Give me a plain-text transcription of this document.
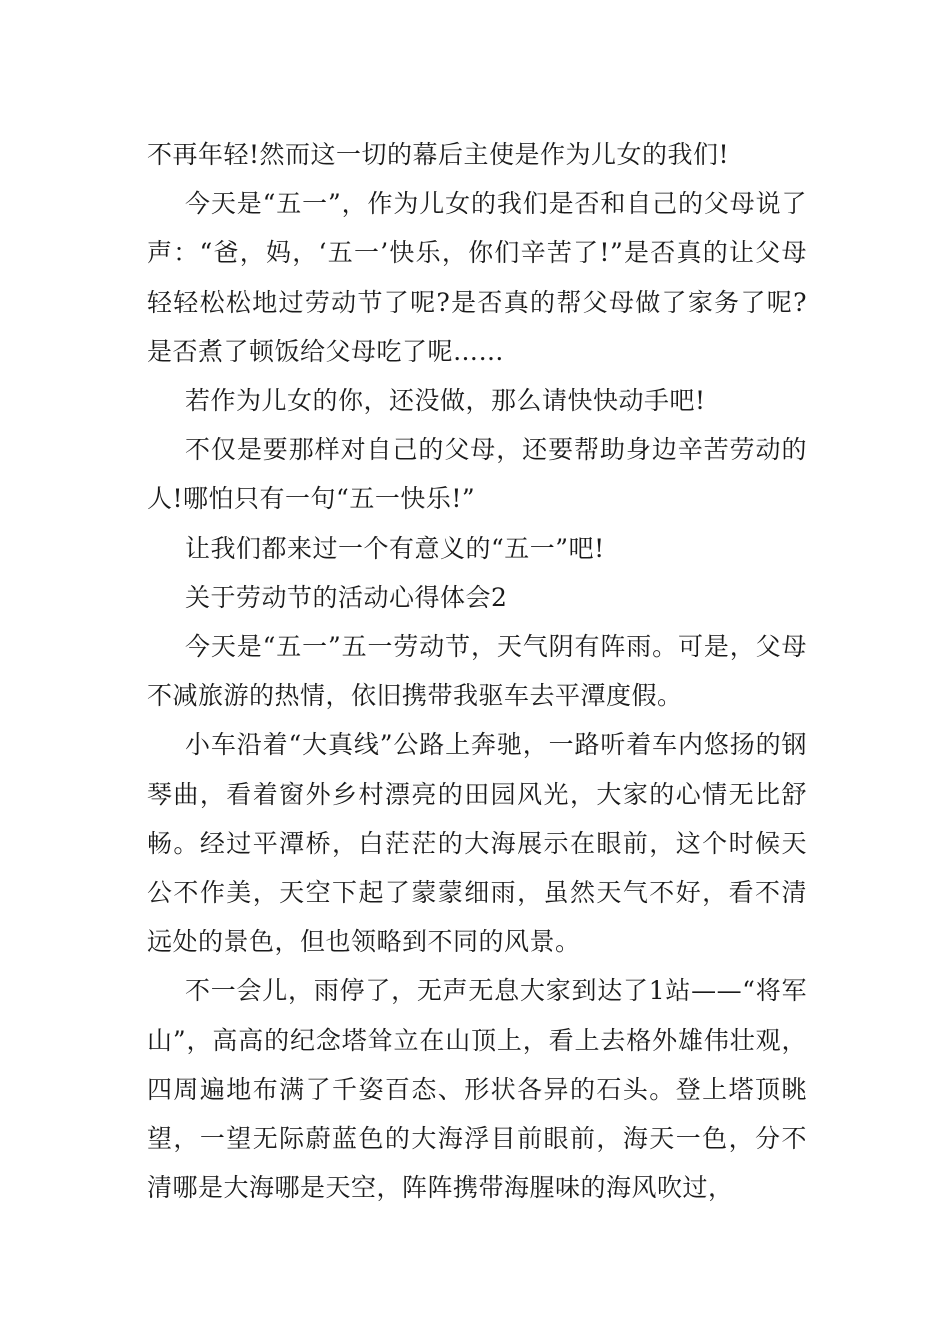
不再年轻!然而这一切的幕后主使是作为儿女的我们!

今天是“五一”，作为儿女的我们是否和自己的父母说了声：“爸，妈，‘五一’快乐，你们辛苦了!”是否真的让父母轻轻松松地过劳动节了呢?是否真的帮父母做了家务了呢?是否煮了顿饭给父母吃了呢……

若作为儿女的你，还没做，那么请快快动手吧!

不仅是要那样对自己的父母，还要帮助身边辛苦劳动的人!哪怕只有一句“五一快乐!”

让我们都来过一个有意义的“五一”吧!

关于劳动节的活动心得体会2

今天是“五一”五一劳动节，天气阴有阵雨。可是，父母不减旅游的热情，依旧携带我驱车去平潭度假。

小车沿着“大真线”公路上奔驰，一路听着车内悠扬的钢琴曲，看着窗外乡村漂亮的田园风光，大家的心情无比舒畅。经过平潭桥，白茫茫的大海展示在眼前，这个时候天公不作美，天空下起了蒙蒙细雨，虽然天气不好，看不清远处的景色，但也领略到不同的风景。

不一会儿，雨停了，无声无息大家到达了1站——“将军山”，高高的纪念塔耸立在山顶上，看上去格外雄伟壮观，四周遍地布满了千姿百态、形状各异的石头。登上塔顶眺望，一望无际蔚蓝色的大海浮目前眼前，海天一色，分不清哪是大海哪是天空，阵阵携带海腥味的海风吹过，
